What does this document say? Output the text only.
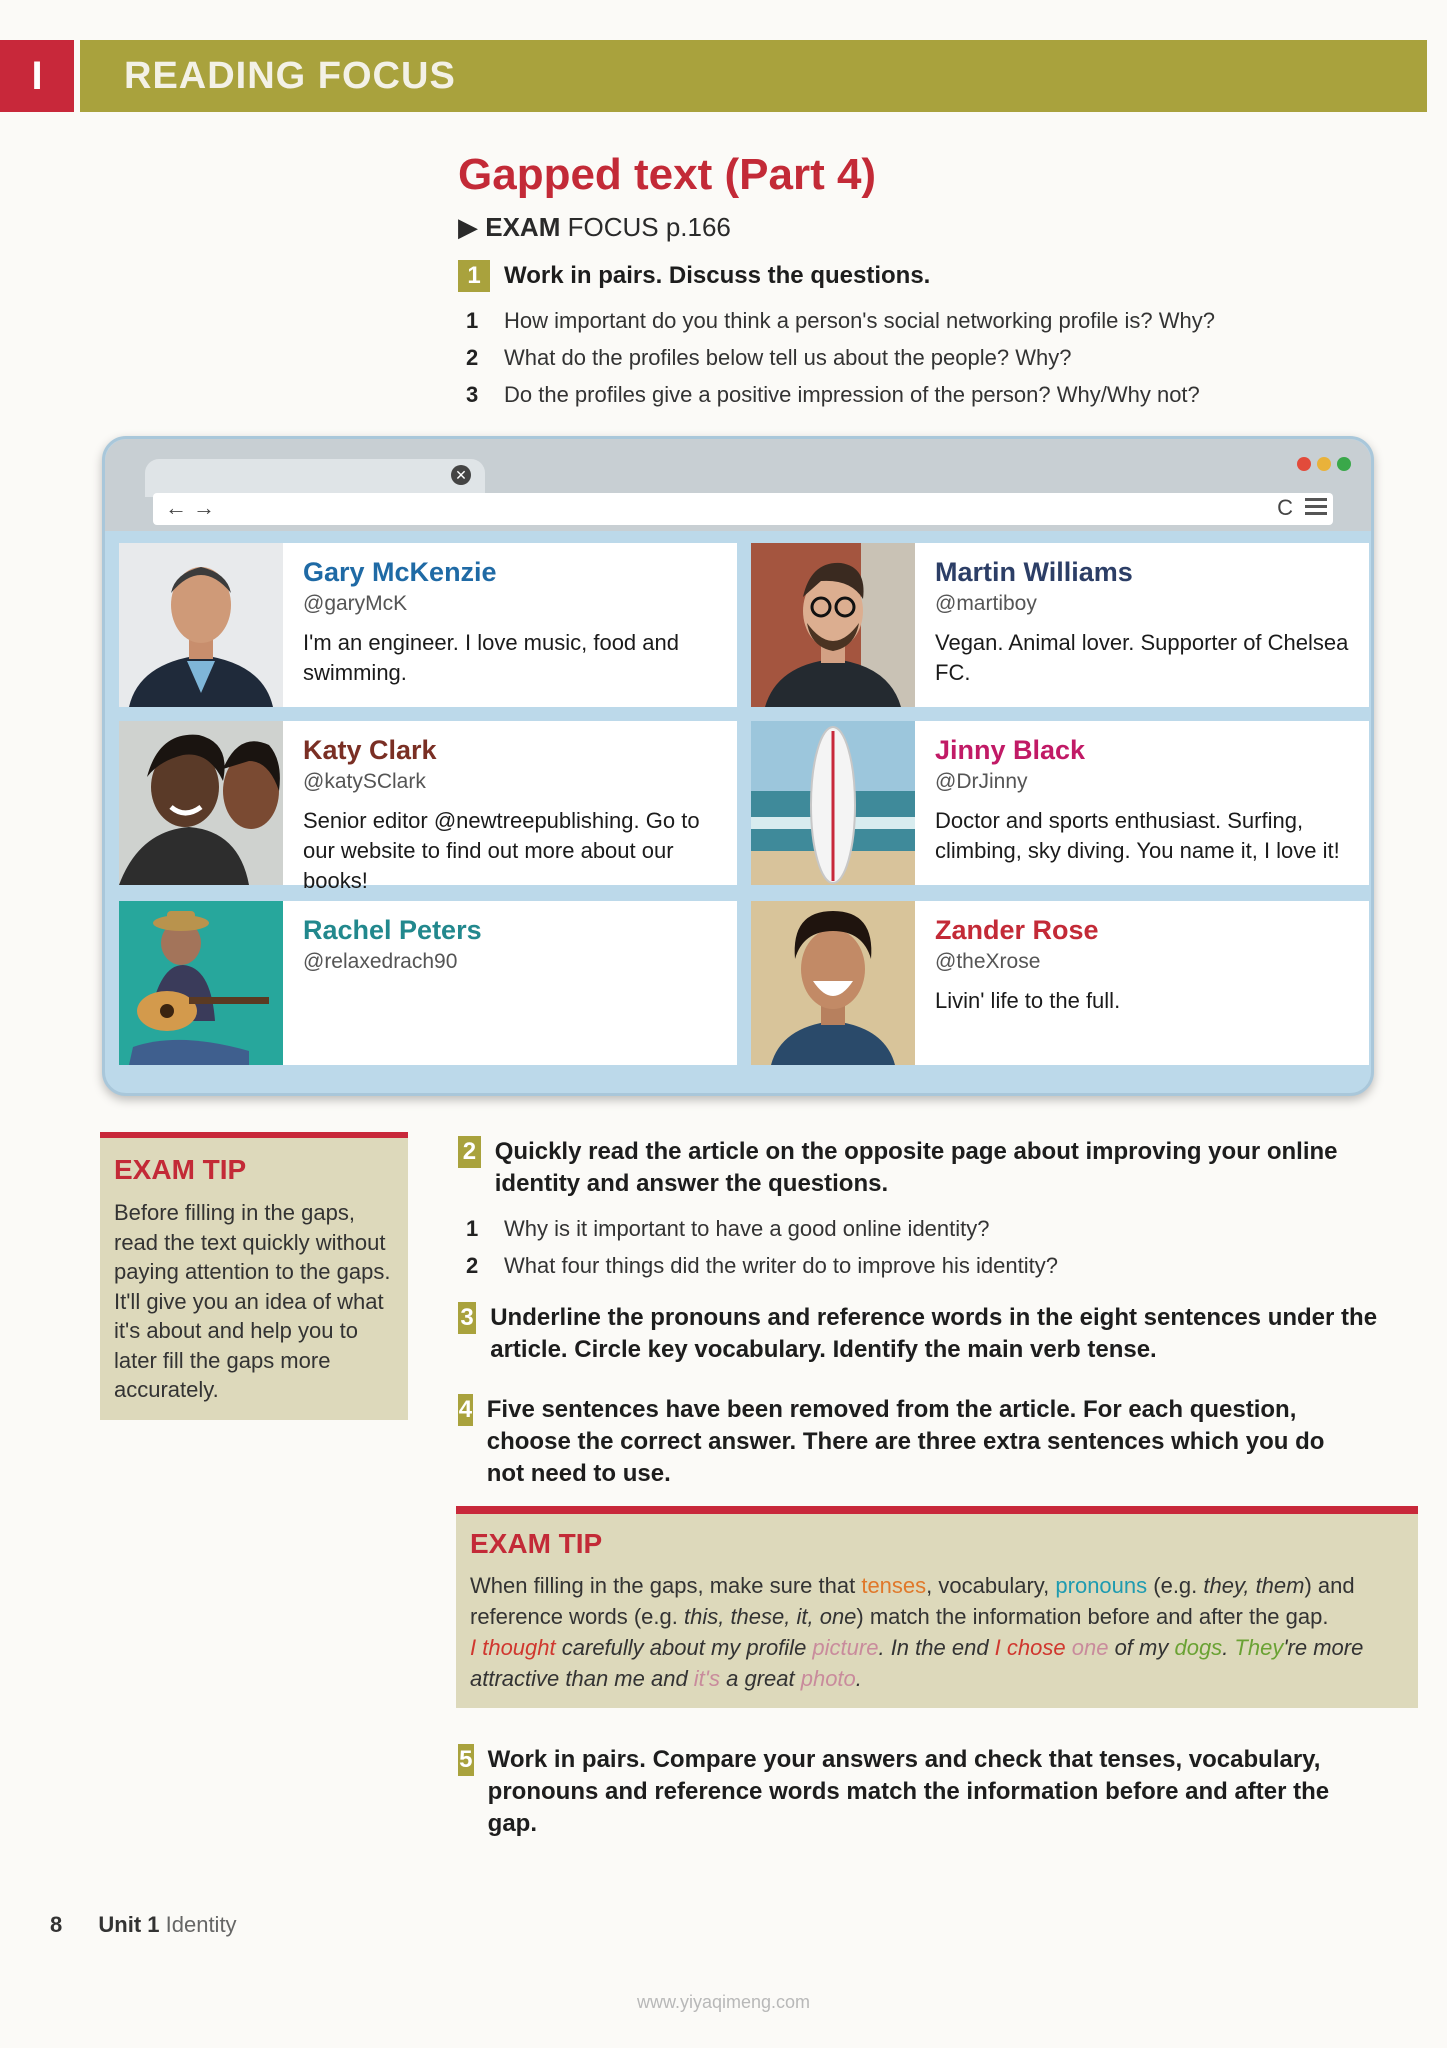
I	READING FOCUS
Gapped text (Part 4)
▶ EXAM FOCUS p.166
1 Work in pairs. Discuss the questions.
1	How important do you think a person's social networking profile is? Why?
2	What do the profiles below tell us about the people? Why?
3	Do the profiles give a positive impression of the person? Why/Why not?
✕
←→	C
Gary McKenzie
@garyMcK
I'm an engineer. I love music, food and swimming.
Martin Williams
@martiboy
Vegan. Animal lover. Supporter of Chelsea FC.
Katy Clark
@katySClark
Senior editor @newtreepublishing. Go to our website to find out more about our books!
Jinny Black
@DrJinny
Doctor and sports enthusiast. Surfing, climbing, sky diving. You name it, I love it!
Rachel Peters
@relaxedrach90
Zander Rose
@theXrose
Livin' life to the full.
EXAM TIP
Before filling in the gaps, read the text quickly without paying attention to the gaps. It'll give you an idea of what it's about and help you to later fill the gaps more accurately.
2 Quickly read the article on the opposite page about improving your online identity and answer the questions.
1	Why is it important to have a good online identity?
2	What four things did the writer do to improve his identity?
3 Underline the pronouns and reference words in the eight sentences under the article. Circle key vocabulary. Identify the main verb tense.
4 Five sentences have been removed from the article. For each question, choose the correct answer. There are three extra sentences which you do not need to use.
EXAM TIP
When filling in the gaps, make sure that tenses, vocabulary, pronouns (e.g. they, them) and reference words (e.g. this, these, it, one) match the information before and after the gap.
I thought carefully about my profile picture. In the end I chose one of my dogs. They're more attractive than me and it's a great photo.
5 Work in pairs. Compare your answers and check that tenses, vocabulary, pronouns and reference words match the information before and after the gap.
8 Unit 1 Identity
www.yiyaqimeng.com
